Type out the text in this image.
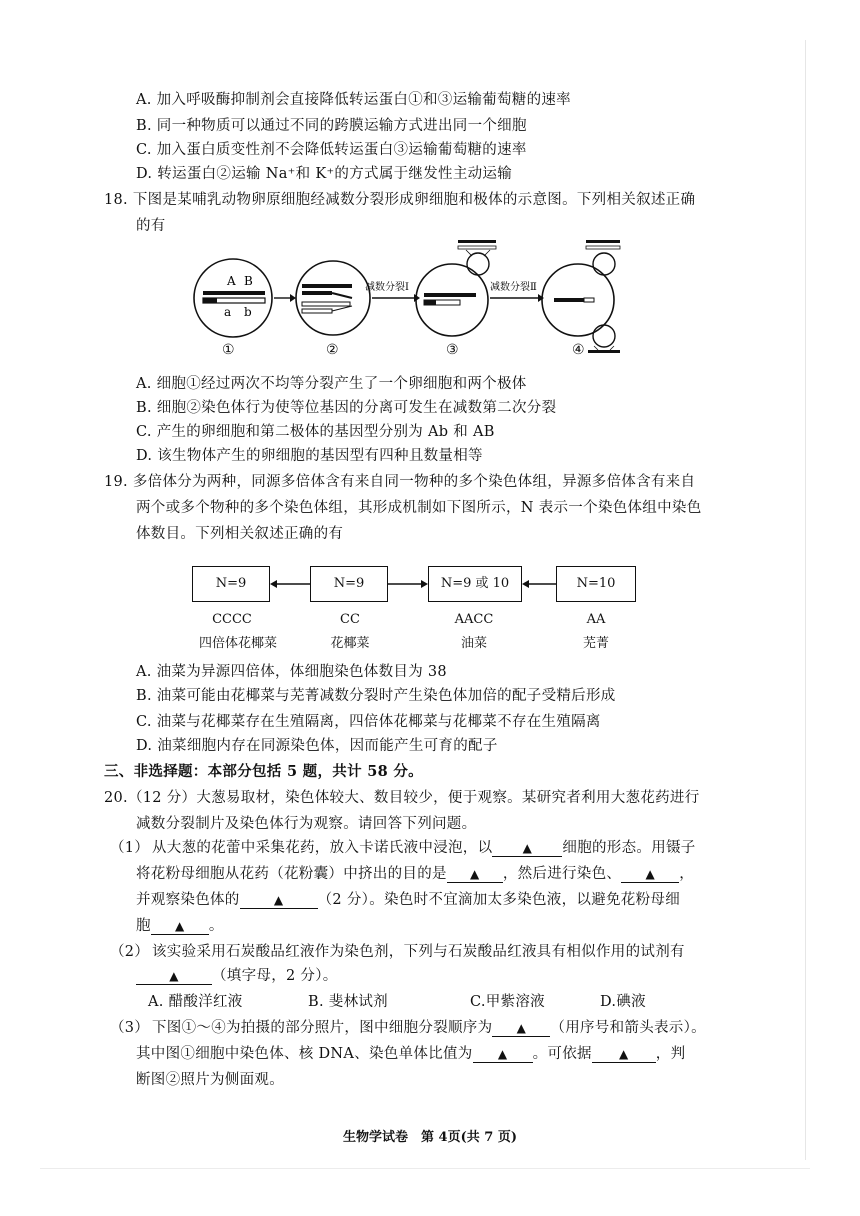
A. 加入呼吸酶抑制剂会直接降低转运蛋白①和③运输葡萄糖的速率
B. 同一种物质可以通过不同的跨膜运输方式进出同一个细胞
C. 加入蛋白质变性剂不会降低转运蛋白③运输葡萄糖的速率
D. 转运蛋白②运输 Na⁺和 K⁺的方式属于继发性主动运输
18. 下图是某哺乳动物卵原细胞经减数分裂形成卵细胞和极体的示意图。下列相关叙述正确
的有
A B
a b
减数分裂Ⅰ	减数分裂Ⅱ
①	②	③	④
A. 细胞①经过两次不均等分裂产生了一个卵细胞和两个极体
B. 细胞②染色体行为使等位基因的分离可发生在减数第二次分裂
C. 产生的卵细胞和第二极体的基因型分别为 Ab 和 AB
D. 该生物体产生的卵细胞的基因型有四种且数量相等
19. 多倍体分为两种，同源多倍体含有来自同一物种的多个染色体组，异源多倍体含有来自
两个或多个物种的多个染色体组，其形成机制如下图所示，N 表示一个染色体组中染色
体数目。下列相关叙述正确的有
N=9	N=9	N=9 或 10	N=10
CCCC	CC	AACC	AA
四倍体花椰菜	花椰菜	油菜	芜菁
A. 油菜为异源四倍体，体细胞染色体数目为 38
B. 油菜可能由花椰菜与芜菁减数分裂时产生染色体加倍的配子受精后形成
C. 油菜与花椰菜存在生殖隔离，四倍体花椰菜与花椰菜不存在生殖隔离
D. 油菜细胞内存在同源染色体，因而能产生可育的配子
三、非选择题：本部分包括 5 题，共计 58 分。
20.（12 分）大葱易取材，染色体较大、数目较少，便于观察。某研究者利用大葱花药进行
减数分裂制片及染色体行为观察。请回答下列问题。
（1） 从大葱的花蕾中采集花药，放入卡诺氏液中浸泡，以	▲ 细胞的形态。用镊子
将花粉母细胞从花药（花粉囊）中挤出的目的是 ▲ ，然后进行染色、 ▲ ，
并观察染色体的	▲ （2 分）。染色时不宜滴加太多染色液，以避免花粉母细
胞 ▲ 。
（2） 该实验采用石炭酸品红液作为染色剂，下列与石炭酸品红液具有相似作用的试剂有
▲ （填字母，2 分）。
A. 醋酸洋红液	B. 斐林试剂	C.甲紫溶液	D.碘液
（3） 下图①～④为拍摄的部分照片，图中细胞分裂顺序为 ▲ （用序号和箭头表示）。
其中图①细胞中染色体、核 DNA、染色单体比值为 ▲ 。可依据 ▲ ，判
断图②照片为侧面观。
生物学试卷　第 4页(共 7 页)
